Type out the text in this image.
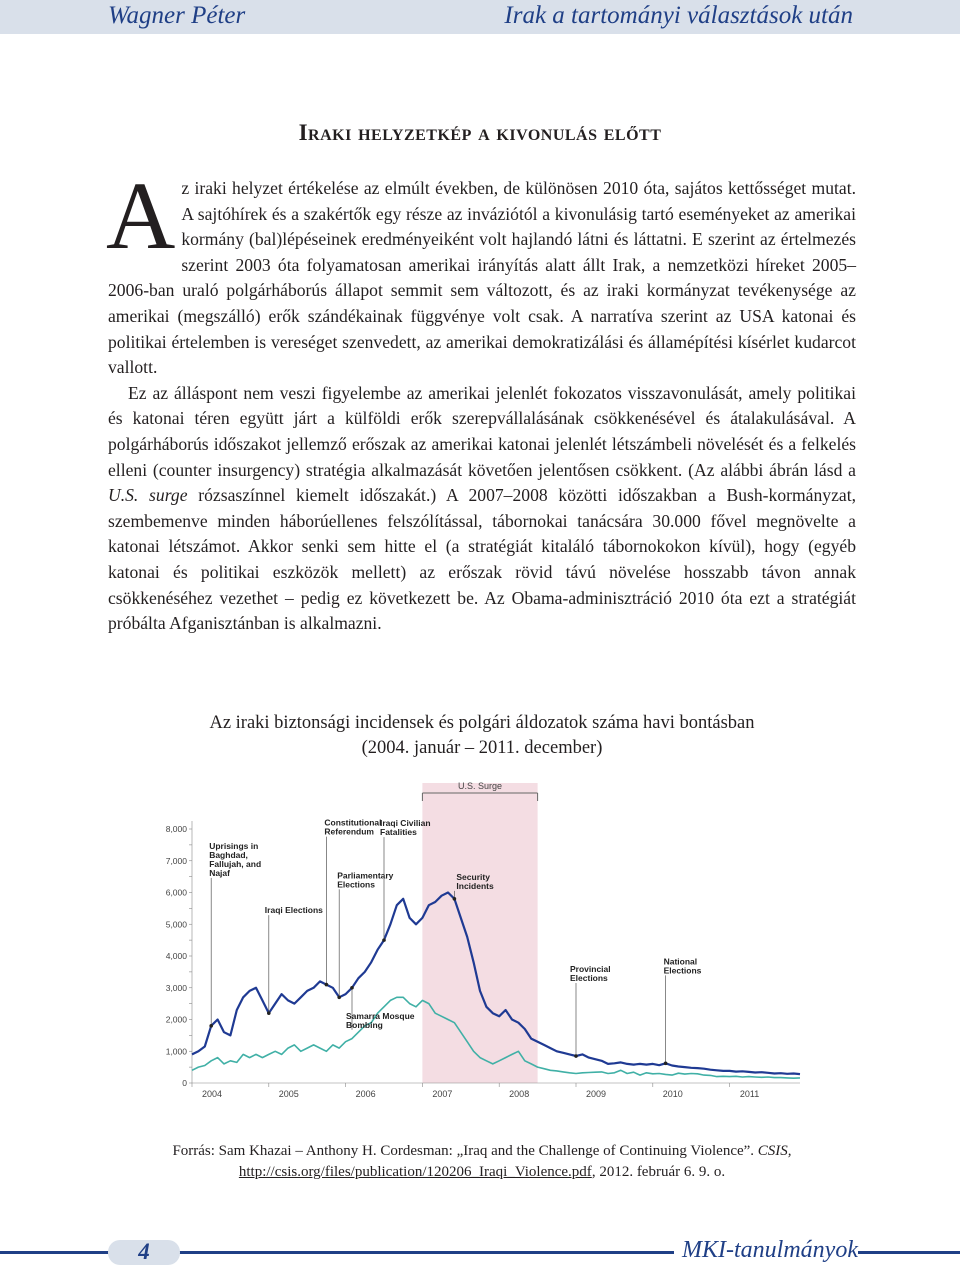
Wagner Péter	Irak a tartományi választások után
Iraki helyzetkép a kivonulás előtt

Az iraki helyzet értékelése az elmúlt években, de különösen 2010 óta, sajátos kettősséget mutat. A sajtóhírek és a szakértők egy része az inváziótól a kivonulásig tartó eseményeket az amerikai kormány (bal)lépéseinek eredményeiként volt hajlandó látni és láttatni. E szerint az értelmezés szerint 2003 óta folyamatosan amerikai irányítás alatt állt Irak, a nemzetközi híreket 2005–2006-ban uraló polgárháborús állapot semmit sem változott, és az iraki kormányzat tevékenysége az amerikai (megszálló) erők szándékainak függvénye volt csak. A narratíva szerint az USA katonai és politikai értelemben is vereséget szenvedett, az amerikai demokratizálási és államépítési kísérlet kudarcot vallott.

Ez az álláspont nem veszi figyelembe az amerikai jelenlét fokozatos visszavonulását, amely politikai és katonai téren együtt járt a külföldi erők szerepvállalásának csökkenésével és átalakulásával. A polgárháborús időszakot jellemző erőszak az amerikai katonai jelenlét létszámbeli növelését és a felkelés elleni (counter insurgency) stratégia alkalmazását követően jelentősen csökkent. (Az alábbi ábrán lásd a U.S. surge rózsaszínnel kiemelt időszakát.) A 2007–2008 közötti időszakban a Bush-kormányzat, szembemenve minden háborúellenes felszólítással, tábornokai tanácsára 30.000 fővel megnövelte a katonai létszámot. Akkor senki sem hitte el (a stratégiát kitaláló tábornokokon kívül), hogy (egyéb katonai és politikai eszközök mellett) az erőszak rövid távú növelése hosszabb távon annak csökkenéséhez vezethet – pedig ez következett be. Az Obama-adminisztráció 2010 óta ezt a stratégiát próbálta Afganisztánban is alkalmazni.

Az iraki biztonsági incidensek és polgári áldozatok száma havi bontásban
(2004. január – 2011. december)
U.S. Surge
0
1,000
2,000
3,000
4,000
5,000
6,000
7,000
8,000
2004	2005	2006	2007	2008	2009	2010	2011
Uprisings in Baghdad, Fallujah, and Najaf
Iraqi Elections
Constitutional Referendum
Parliamentary Elections
Samarra Mosque Bombing
Iraqi Civilian Fatalities
Security Incidents
Provincial Elections
National Elections
Forrás: Sam Khazai – Anthony H. Cordesman: „Iraq and the Challenge of Continuing Violence”. CSIS,
http://csis.org/files/publication/120206_Iraqi_Violence.pdf, 2012. február 6. 9. o.
4	MKI-tanulmányok
